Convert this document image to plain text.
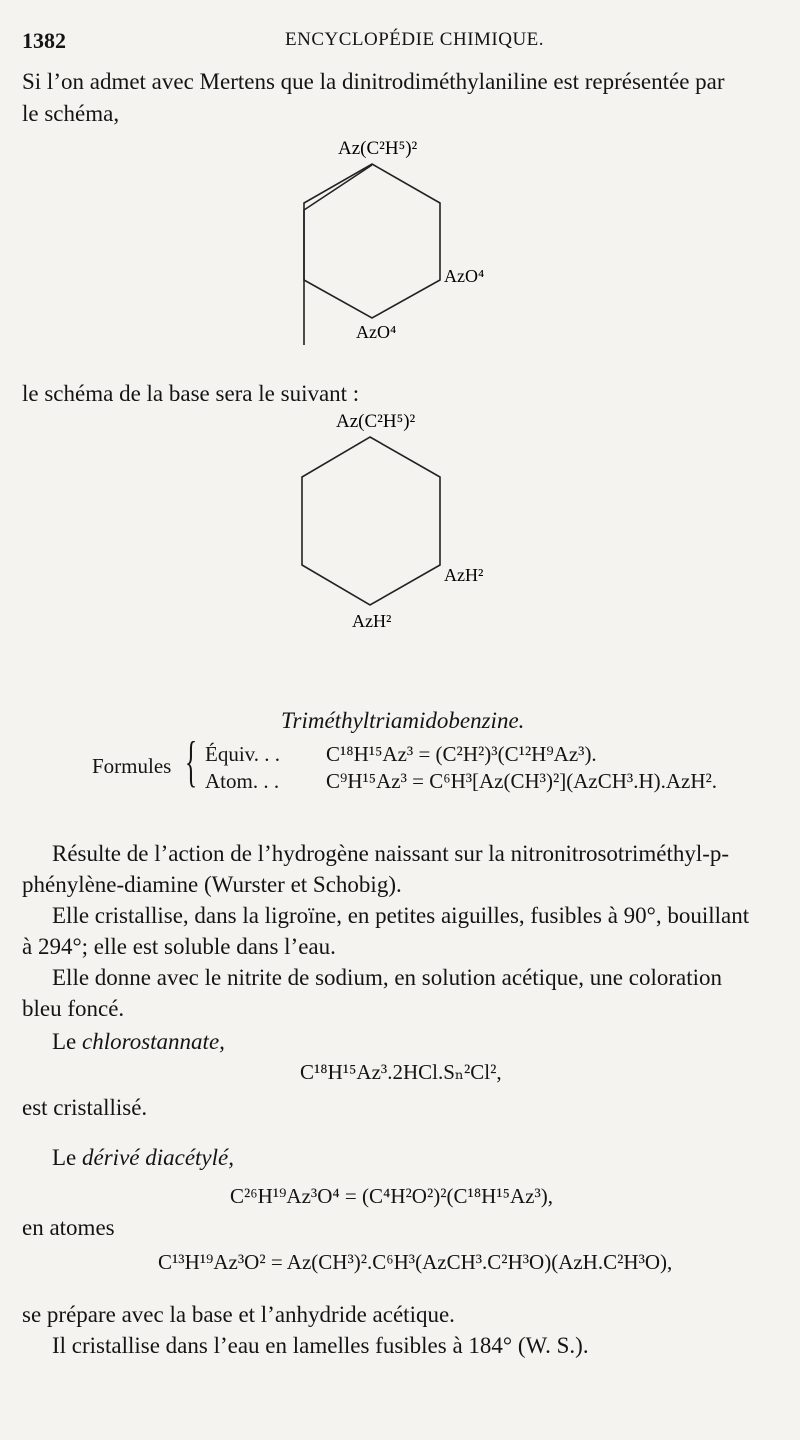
1382	ENCYCLOPÉDIE CHIMIQUE.
Si l’on admet avec Mertens que la dinitrodiméthylaniline est représentée par
le schéma,
Az(C²H⁵)²
AzO⁴
AzO⁴
le schéma de la base sera le suivant :
Az(C²H⁵)²
AzH²
AzH²
Triméthyltriamidobenzine.
Formules { Équiv. . . C¹⁸H¹⁵Az³ = (C²H²)³(C¹²H⁹Az³).
Atom. . . C⁹H¹⁵Az³ = C⁶H³[Az(CH³)²](AzCH³.H).AzH².
Résulte de l’action de l’hydrogène naissant sur la nitronitrosotriméthyl-p-
phénylène-diamine (Wurster et Schobig).
Elle cristallise, dans la ligroïne, en petites aiguilles, fusibles à 90°, bouillant
à 294°; elle est soluble dans l’eau.
Elle donne avec le nitrite de sodium, en solution acétique, une coloration
bleu foncé.
Le chlorostannate,
C¹⁸H¹⁵Az³.2HCl.Sₙ²Cl²,
est cristallisé.
Le dérivé diacétylé,
C²⁶H¹⁹Az³O⁴ = (C⁴H²O²)²(C¹⁸H¹⁵Az³),
en atomes
C¹³H¹⁹Az³O² = Az(CH³)².C⁶H³(AzCH³.C²H³O)(AzH.C²H³O),
se prépare avec la base et l’anhydride acétique.
Il cristallise dans l’eau en lamelles fusibles à 184° (W. S.).
